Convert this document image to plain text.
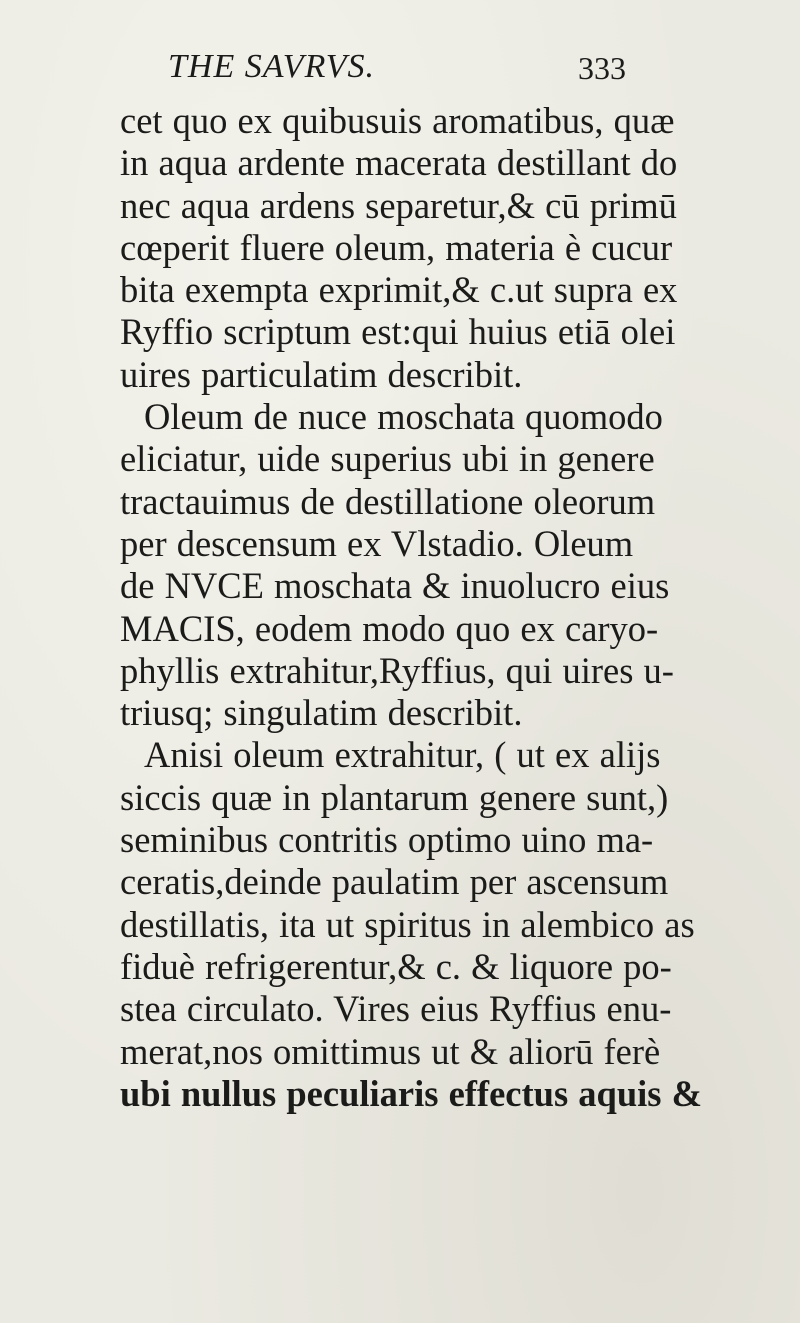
THE SAVRVS.	333
cet quo ex quibusuis aromatibus, quæ
in aqua ardente macerata destillant do
nec aqua ardens separetur,& cū primū
cœperit fluere oleum, materia è cucur
bita exempta exprimit,& c.ut supra ex
Ryffio scriptum est:qui huius etiā olei
uires particulatim describit.
Oleum de nuce moschata quomodo
eliciatur, uide superius ubi in genere
tractauimus de destillatione oleorum
per descensum ex Vlstadio. Oleum
de NVCE moschata & inuolucro eius
MACIS, eodem modo quo ex caryo-
phyllis extrahitur,Ryffius, qui uires u-
triusq; singulatim describit.
Anisi oleum extrahitur, ( ut ex alijs
siccis quæ in plantarum genere sunt,)
seminibus contritis optimo uino ma-
ceratis,deinde paulatim per ascensum
destillatis, ita ut spiritus in alembico as
fiduè refrigerentur,& c. & liquore po-
stea circulato. Vires eius Ryffius enu-
merat,nos omittimus ut & aliorū ferè
ubi nullus peculiaris effectus aquis &
